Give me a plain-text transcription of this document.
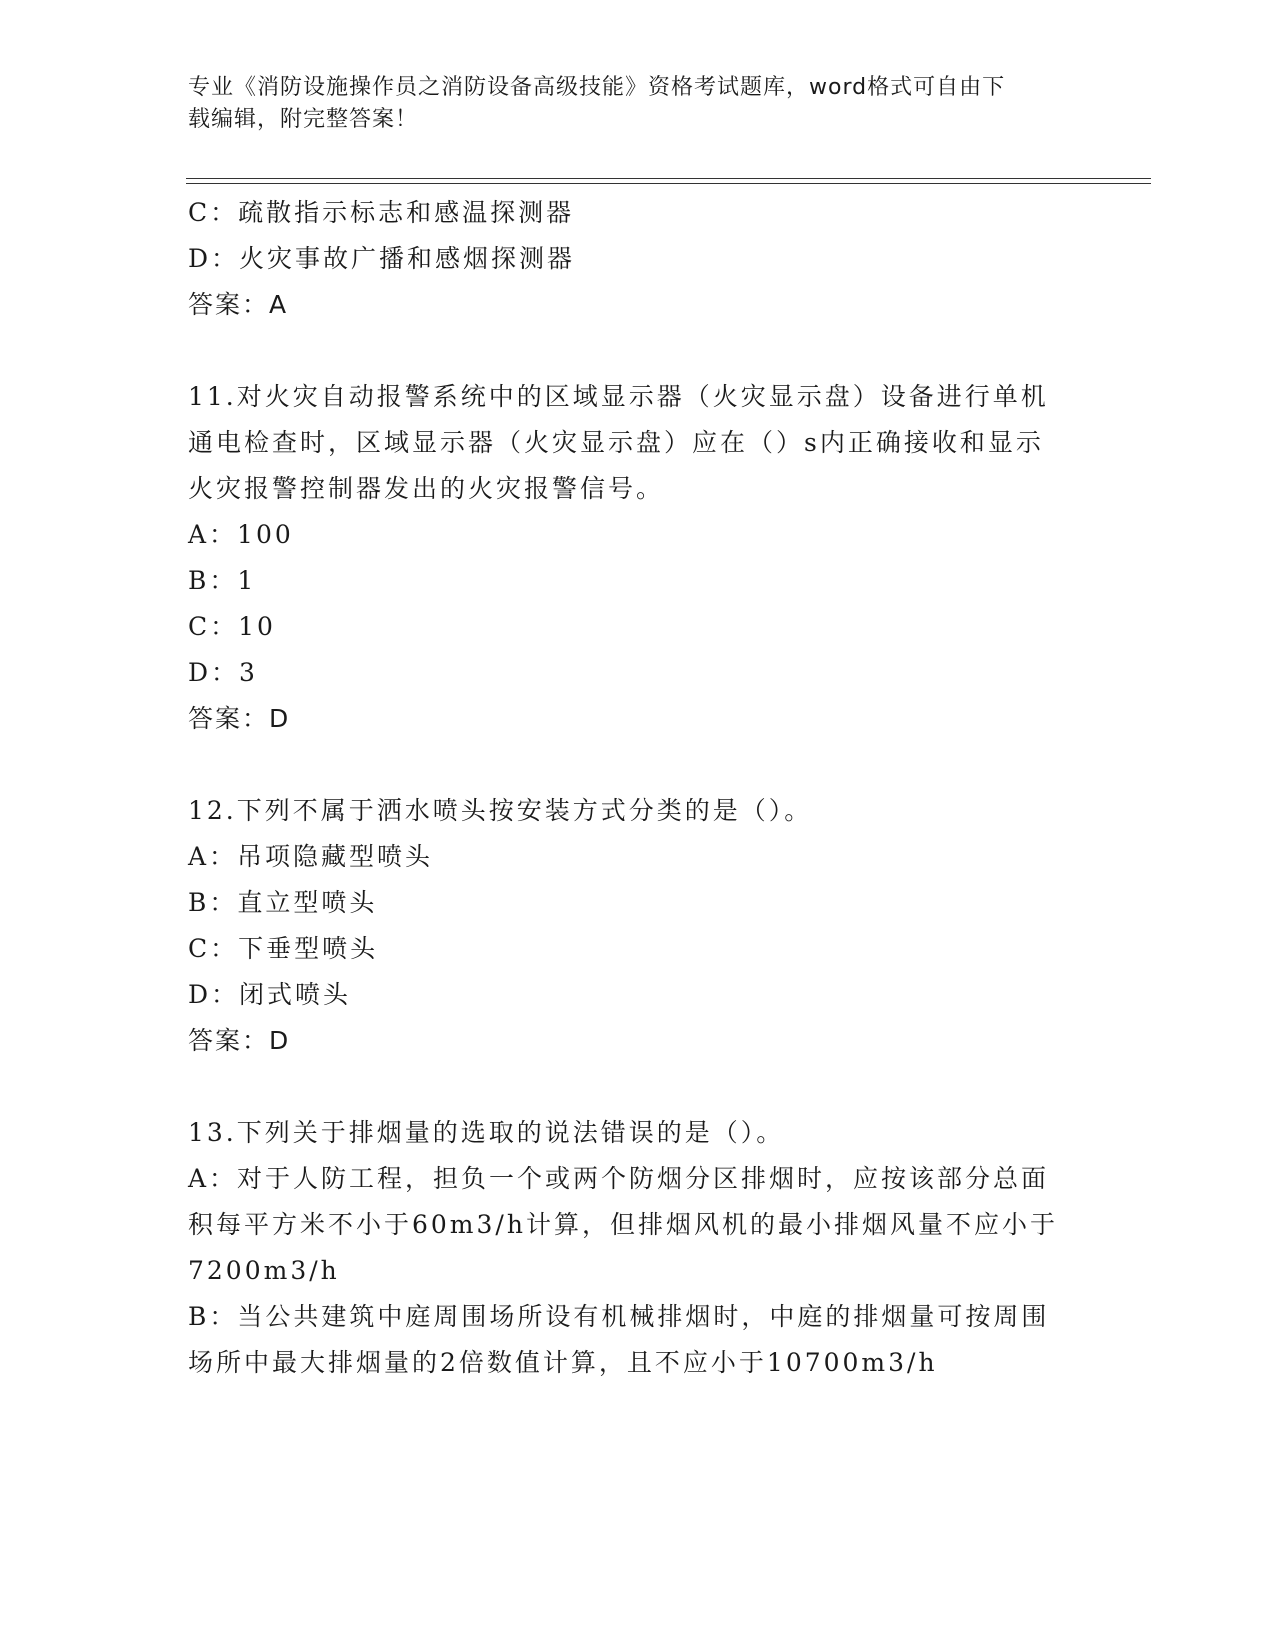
专业《消防设施操作员之消防设备高级技能》资格考试题库，word格式可自由下
载编辑，附完整答案！
C：疏散指示标志和感温探测器
D：火灾事故广播和感烟探测器
答案：A
11.对火灾自动报警系统中的区域显示器（火灾显示盘）设备进行单机
通电检查时，区域显示器（火灾显示盘）应在（）s内正确接收和显示
火灾报警控制器发出的火灾报警信号。
A：100
B：1
C：10
D：3
答案：D
12.下列不属于洒水喷头按安装方式分类的是（）。
A：吊项隐藏型喷头
B：直立型喷头
C：下垂型喷头
D：闭式喷头
答案：D
13.下列关于排烟量的选取的说法错误的是（）。
A：对于人防工程，担负一个或两个防烟分区排烟时，应按该部分总面
积每平方米不小于60m3/h计算，但排烟风机的最小排烟风量不应小于
7200m3/h
B：当公共建筑中庭周围场所设有机械排烟时，中庭的排烟量可按周围
场所中最大排烟量的2倍数值计算，且不应小于10700m3/h
